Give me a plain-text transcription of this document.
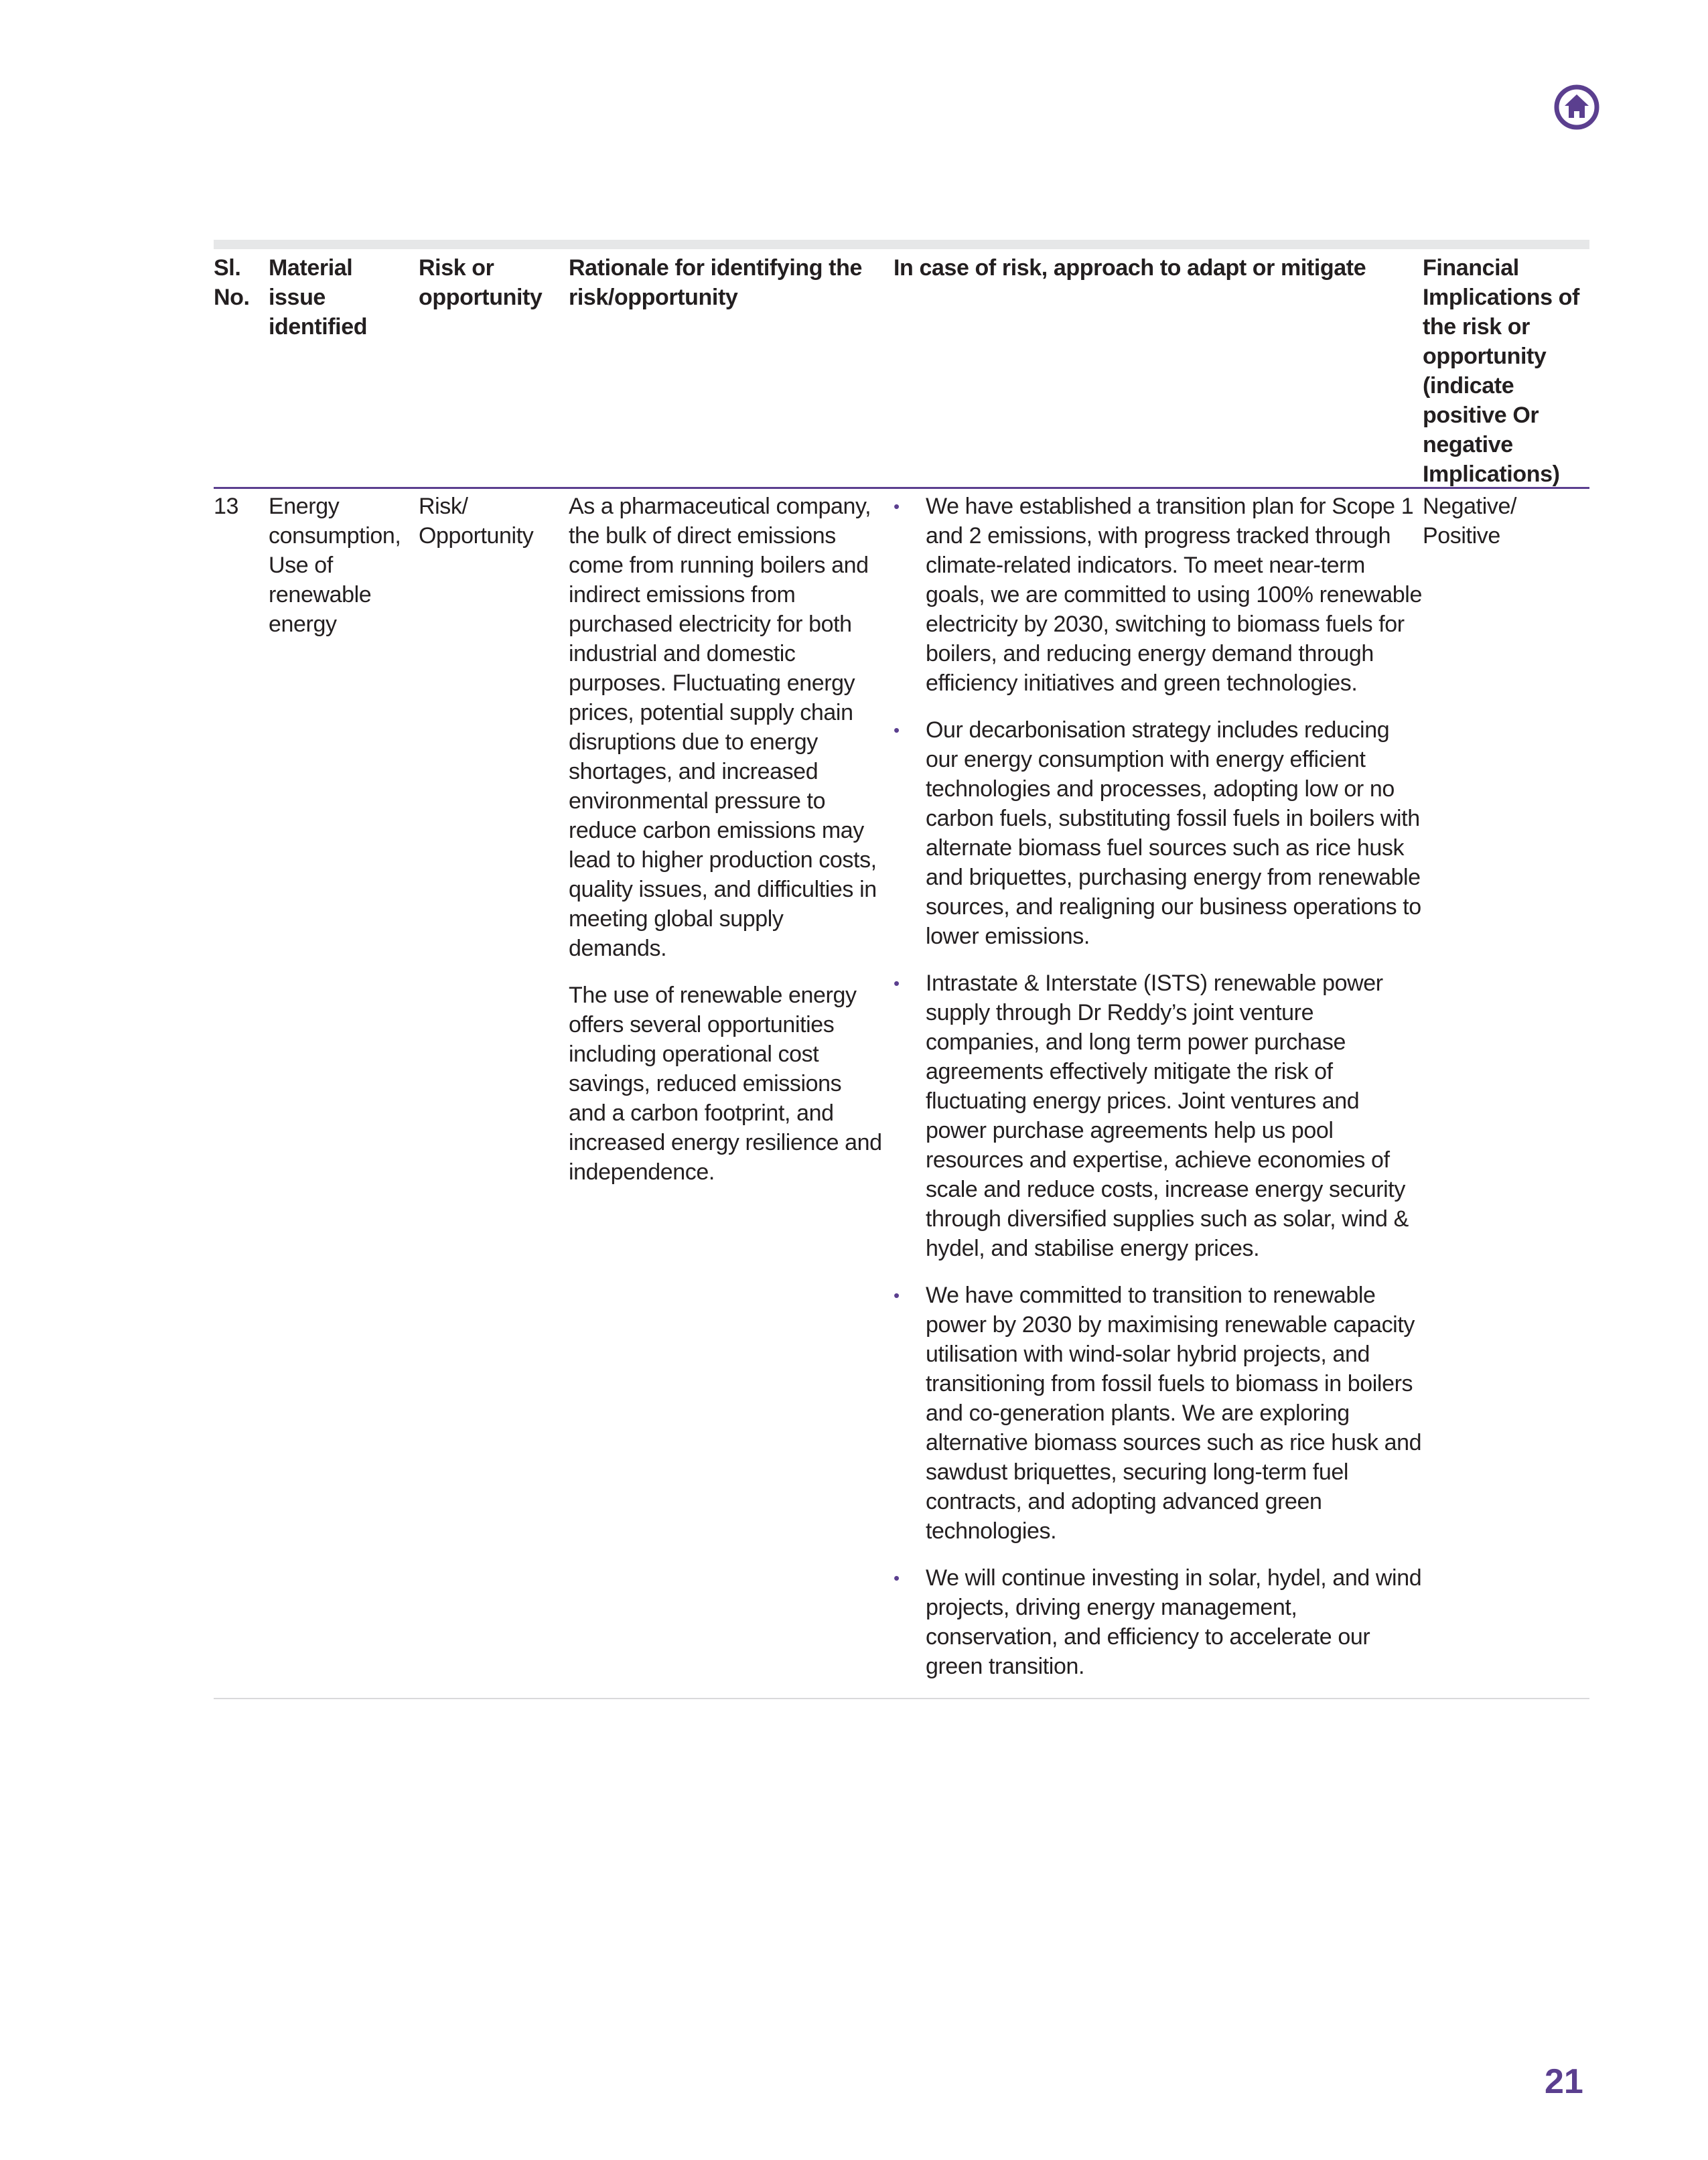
Sl. No.
Material issue identified
Risk or opportunity
Rationale for identifying the risk/opportunity
In case of risk, approach to adapt or mitigate	Financial Implications of the risk or opportunity (indicate positive Or negative Implications)
13	Energy consumption, Use of renewable energy
Risk/ Opportunity

As a pharmaceutical company, the bulk of direct emissions come from running boilers and indirect emissions from purchased electricity for both industrial and domestic purposes. Fluctuating energy prices, potential supply chain disruptions due to energy shortages, and increased environmental pressure to reduce carbon emissions may lead to higher production costs, quality issues, and difficulties in meeting global supply demands.

The use of renewable energy offers several opportunities including operational cost savings, reduced emissions and a carbon footprint, and increased energy resilience and independence.

• We have established a transition plan for Scope 1 and 2 emissions, with progress tracked through climate-related indicators. To meet near-term goals, we are committed to using 100% renewable electricity by 2030, switching to biomass fuels for boilers, and reducing energy demand through efficiency initiatives and green technologies.
• Our decarbonisation strategy includes reducing our energy consumption with energy efficient technologies and processes, adopting low or no carbon fuels, substituting fossil fuels in boilers with alternate biomass fuel sources such as rice husk and briquettes, purchasing energy from renewable sources, and realigning our business operations to lower emissions.
• Intrastate & Interstate (ISTS) renewable power supply through Dr Reddy’s joint venture companies, and long term power purchase agreements effectively mitigate the risk of fluctuating energy prices. Joint ventures and power purchase agreements help us pool resources and expertise, achieve economies of scale and reduce costs, increase energy security through diversified supplies such as solar, wind & hydel, and stabilise energy prices.
• We have committed to transition to renewable power by 2030 by maximising renewable capacity utilisation with wind-solar hybrid projects, and transitioning from fossil fuels to biomass in boilers and co-generation plants. We are exploring alternative biomass sources such as rice husk and sawdust briquettes, securing long-term fuel contracts, and adopting advanced green technologies.
• We will continue investing in solar, hydel, and wind projects, driving energy management, conservation, and efficiency to accelerate our green transition.
Negative/ Positive
21
